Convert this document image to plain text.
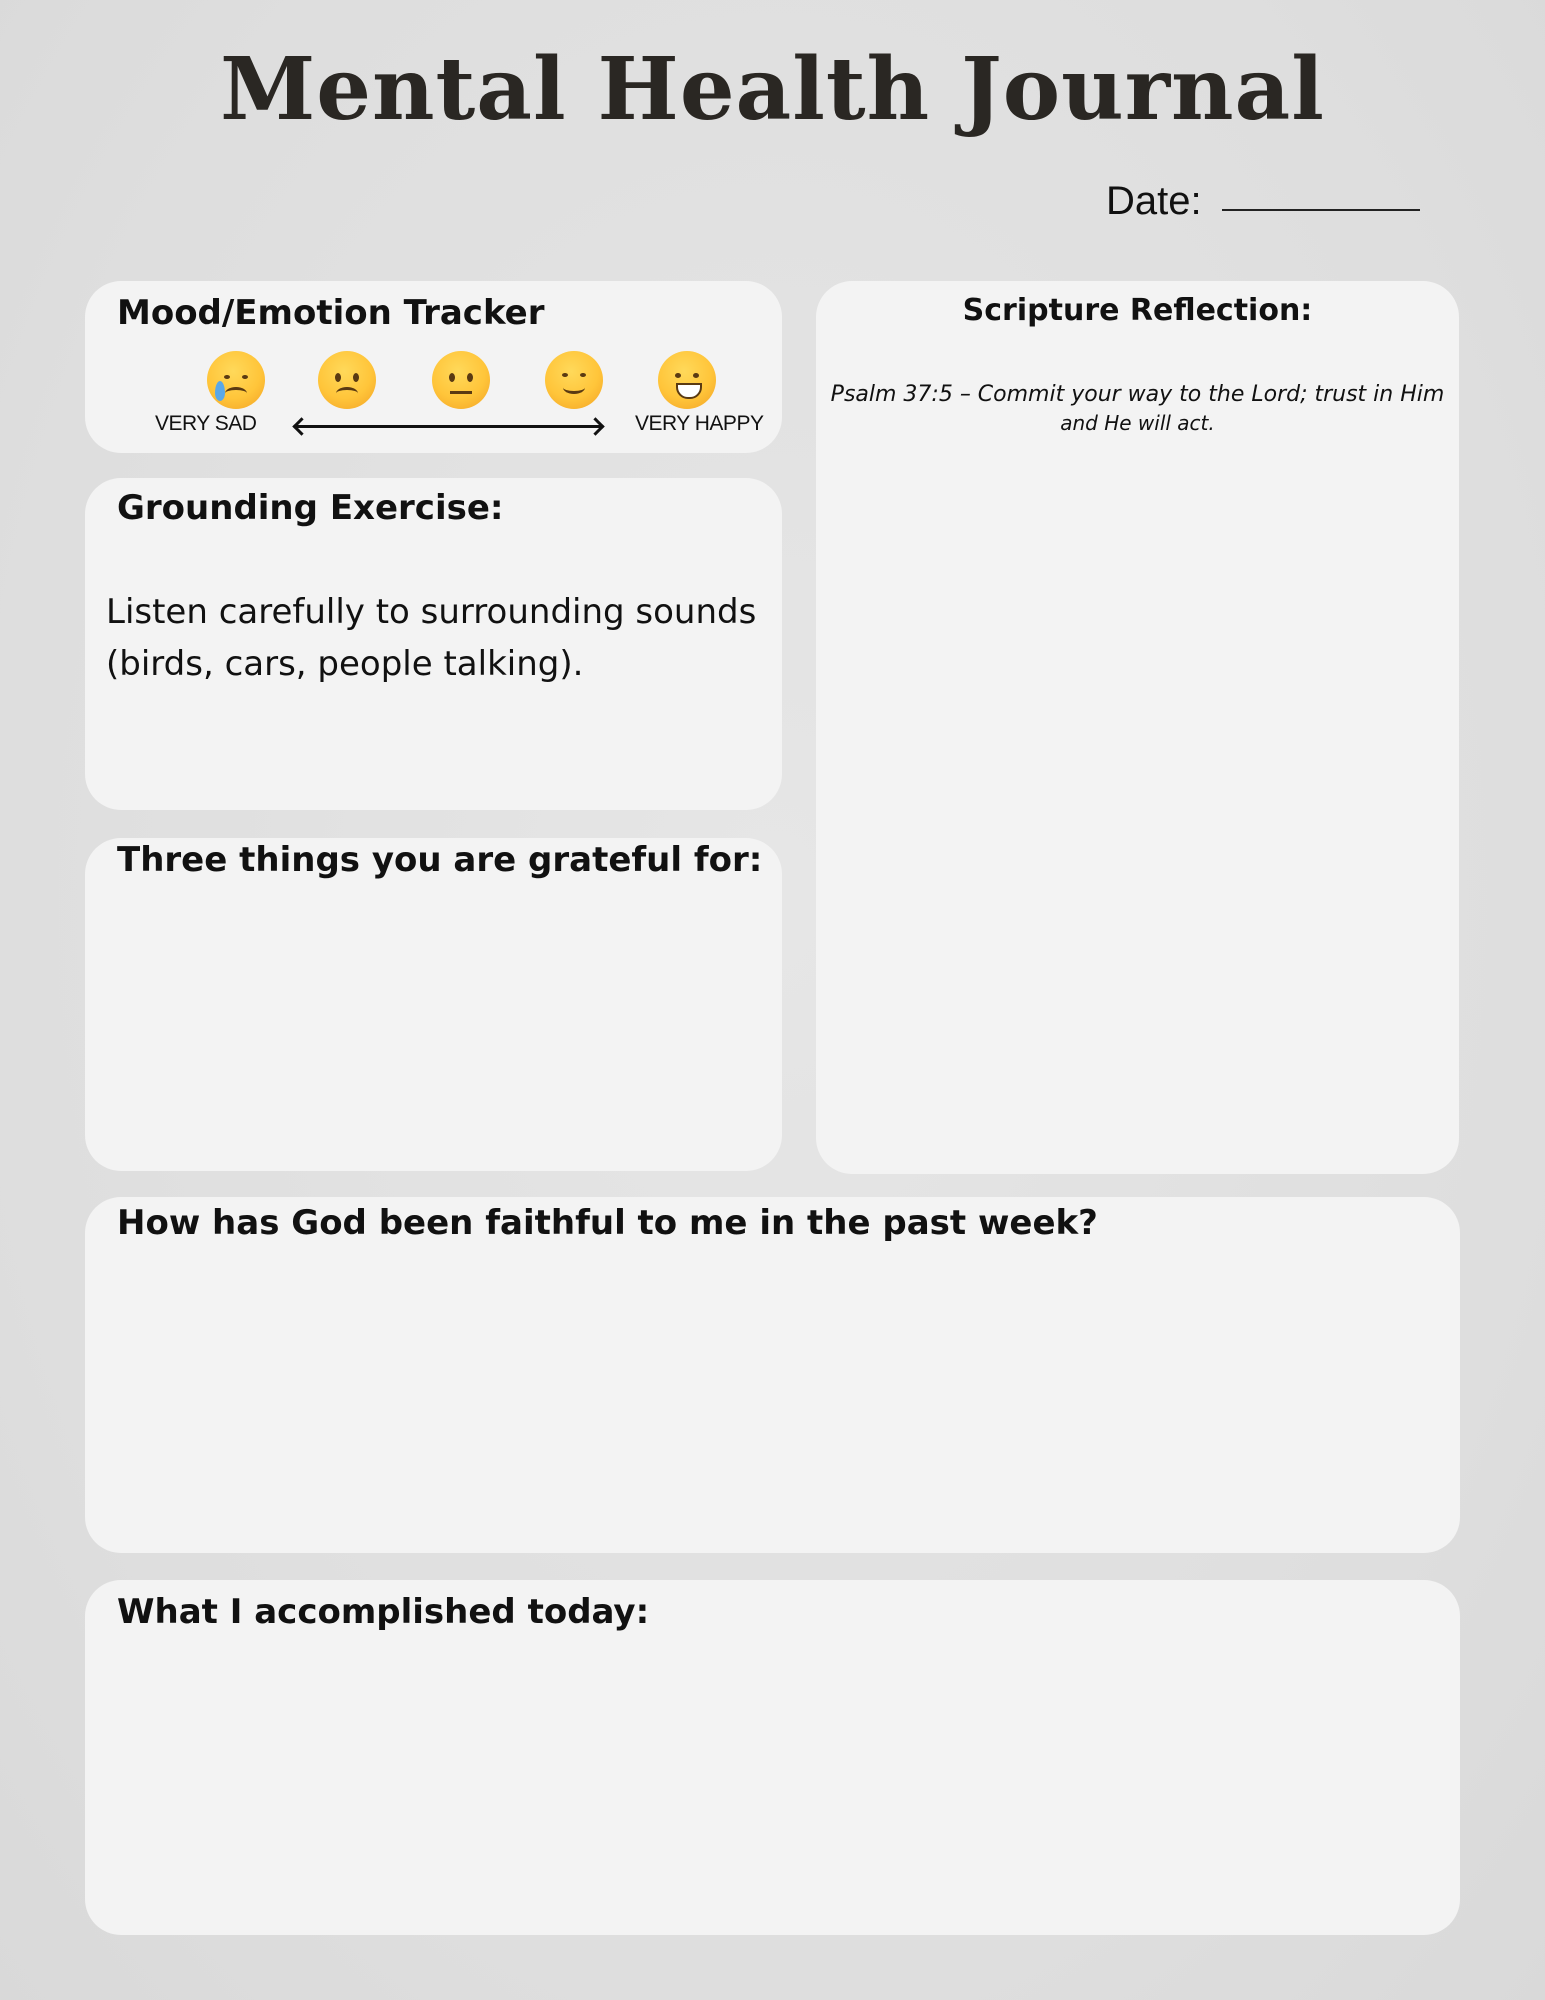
Mental Health Journal
Date:
Mood/Emotion Tracker
VERY SAD	VERY HAPPY
Scripture Reflection:
Psalm 37:5 – Commit your way to the Lord; trust in Him
and He will act.
Grounding Exercise:
Listen carefully to surrounding sounds (birds, cars, people talking).
Three things you are grateful for:
How has God been faithful to me in the past week?
What I accomplished today:
